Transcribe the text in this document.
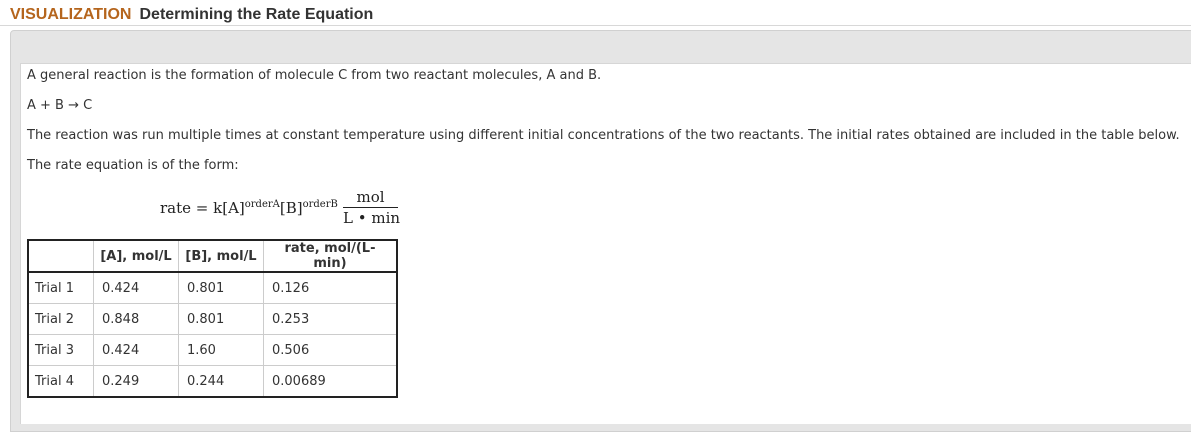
VISUALIZATION Determining the Rate Equation
A general reaction is the formation of molecule C from two reactant molecules, A and B.
A + B → C
The reaction was run multiple times at constant temperature using different initial concentrations of the two reactants. The initial rates obtained are included in the table below.
The rate equation is of the form:
rate = $k[A]^{orderA}[B]^{orderB}$	mol
L • min
	[A], mol/L	[B], mol/L	rate, mol/(L-min)
Trial 1	0.424	0.801	0.126
Trial 2	0.848	0.801	0.253
Trial 3	0.424	1.60	0.506
Trial 4	0.249	0.244	0.00689
